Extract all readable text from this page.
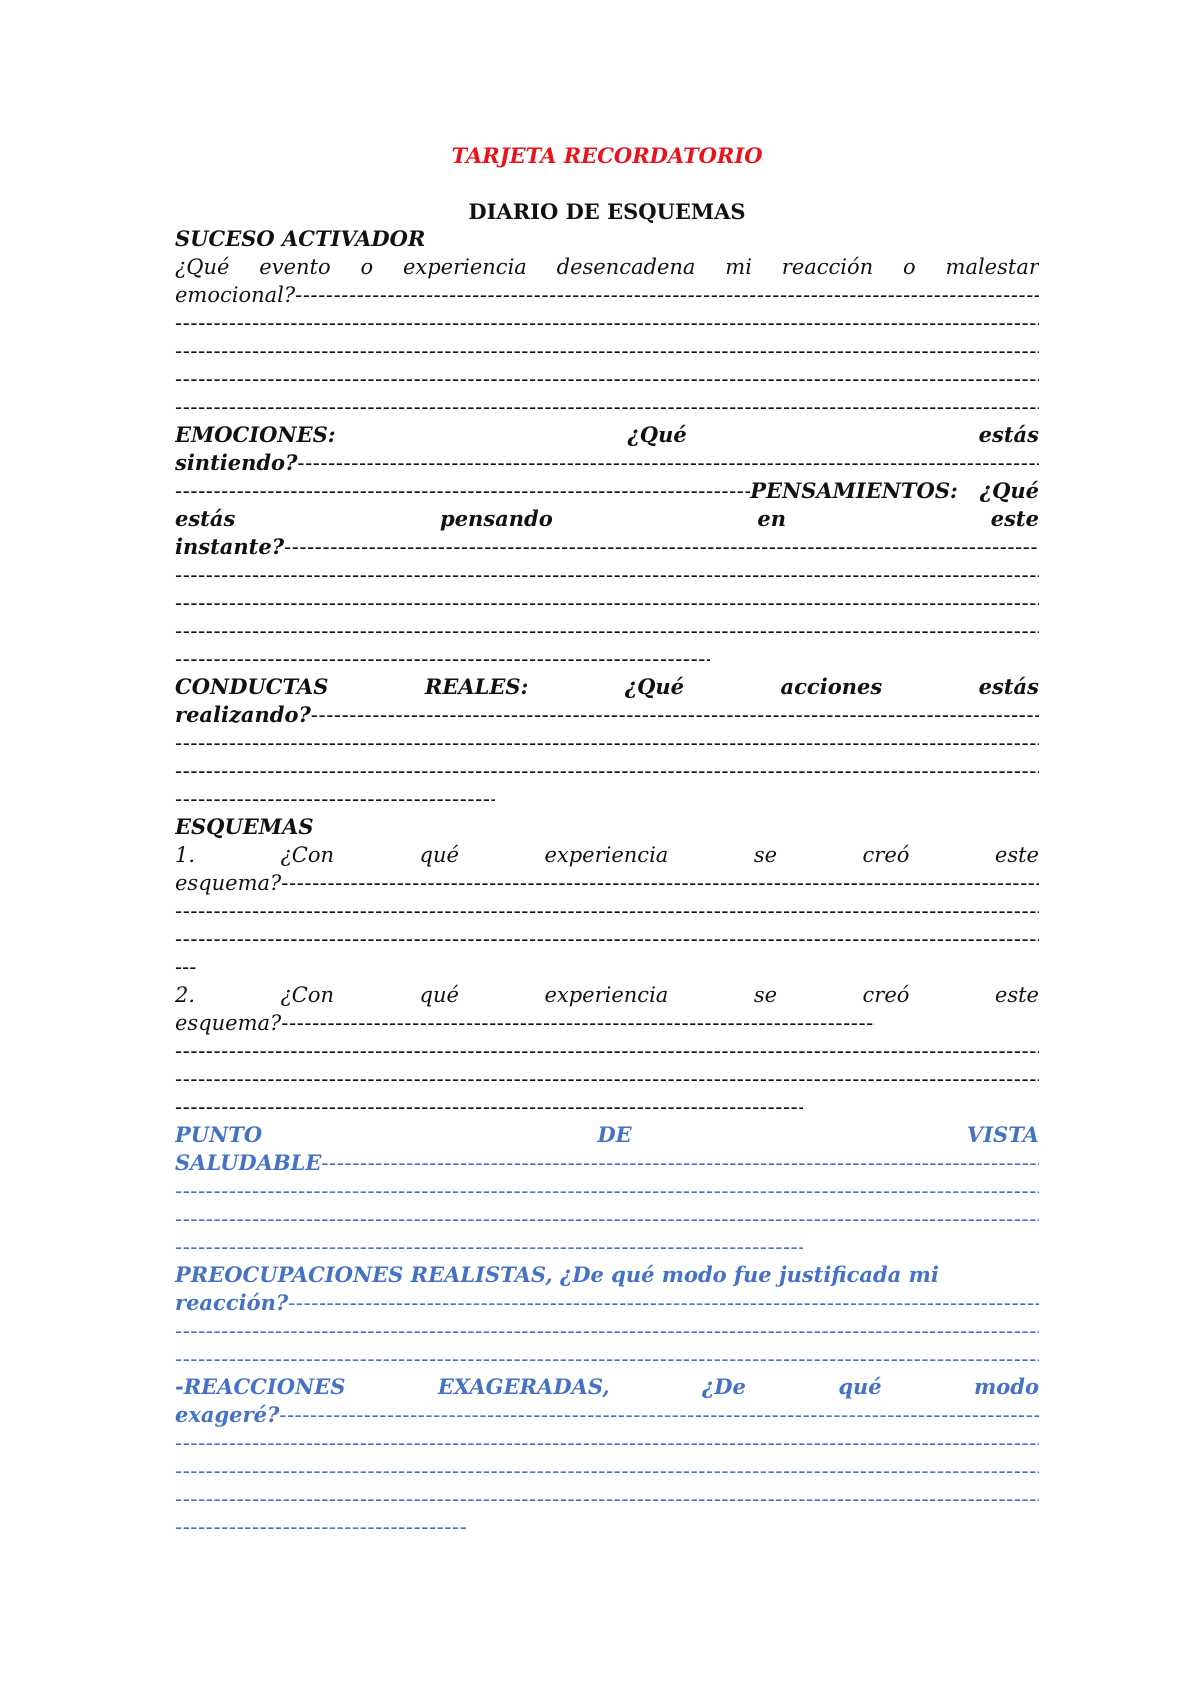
TARJETA RECORDATORIO
DIARIO DE ESQUEMAS
SUCESO ACTIVADOR
¿Qué evento o experiencia desencadena mi reacción o malestar
emocional?
-----
-----
-----
-----
-----
EMOCIONES:	¿Qué	estás
sintiendo?
-----
-----
PENSAMIENTOS: ¿Qué
estás	pensando	en	este
instante?
-----
-----
-----
-----
-----
CONDUCTAS	REALES:	¿Qué	acciones	estás
realizando?
-----
-----
-----
-----
ESQUEMAS
1.	¿Con	qué	experiencia	se	creó	este
esquema?
-----
-----
-----
---
2.	¿Con	qué	experiencia	se	creó	este
esquema?
-----
-----
-----
-----
PUNTO	DE	VISTA
SALUDABLE
-----
-----
-----
-----
PREOCUPACIONES REALISTAS, ¿De qué modo fue justificada mi
reacción?
-----
-----
-----
-REACCIONES	EXAGERADAS,	¿De	qué	modo
exageré?
-----
-----
-----
-----
-----
